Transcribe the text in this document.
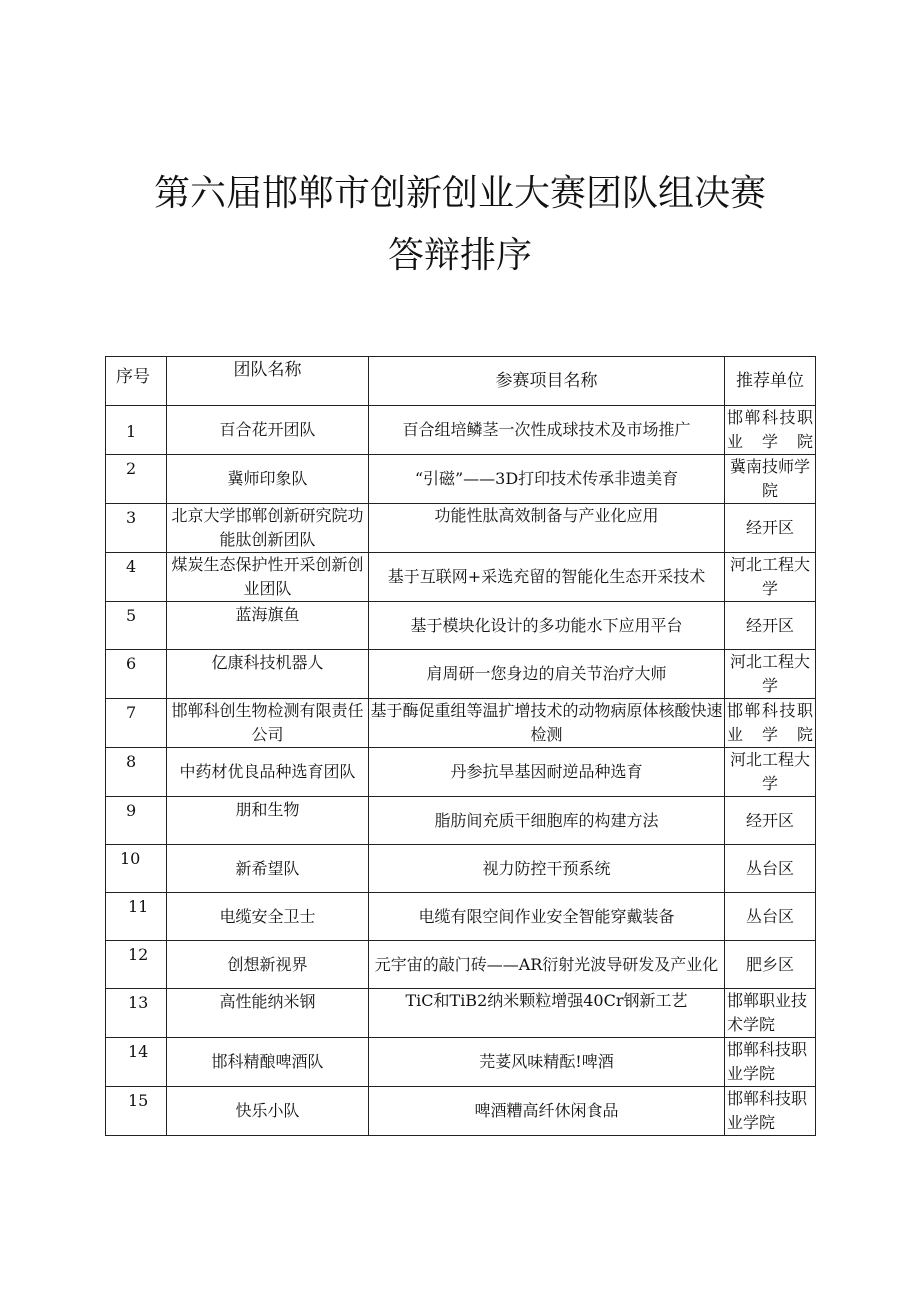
第六届邯郸市创新创业大赛团队组决赛
答辩排序
序号	团队名称	参赛项目名称	推荐单位
1	百合花开团队	百合组培鳞茎一次性成球技术及市场推广	邯郸科技职业学院
2	冀师印象队	“引磁”——3D打印技术传承非遗美育	冀南技师学院
3	北京大学邯郸创新研究院功能肽创新团队	功能性肽高效制备与产业化应用	经开区
4	煤炭生态保护性开采创新创业团队	基于互联网+采选充留的智能化生态开采技术	河北工程大学
5	蓝海旗鱼	基于模块化设计的多功能水下应用平台	经开区
6	亿康科技机器人	肩周研一您身边的肩关节治疗大师	河北工程大学
7	邯郸科创生物检测有限责任公司	基于酶促重组等温扩增技术的动物病原体核酸快速检测	邯郸科技职业学院
8	中药材优良品种选育团队	丹参抗旱基因耐逆品种选育	河北工程大学
9	朋和生物	脂肪间充质干细胞库的构建方法	经开区
10	新希望队	视力防控干预系统	丛台区
11	电缆安全卫士	电缆有限空间作业安全智能穿戴装备	丛台区
12	创想新视界	元宇宙的敲门砖——AR衍射光波导研发及产业化	肥乡区
13	高性能纳米钢	TiC和TiB2纳米颗粒增强40Cr钢新工艺	邯郸职业技术学院
14	邯科精酿啤酒队	芫荽风味精酝!啤酒	邯郸科技职业学院
15	快乐小队	啤酒糟高纤休闲食品	邯郸科技职业学院
